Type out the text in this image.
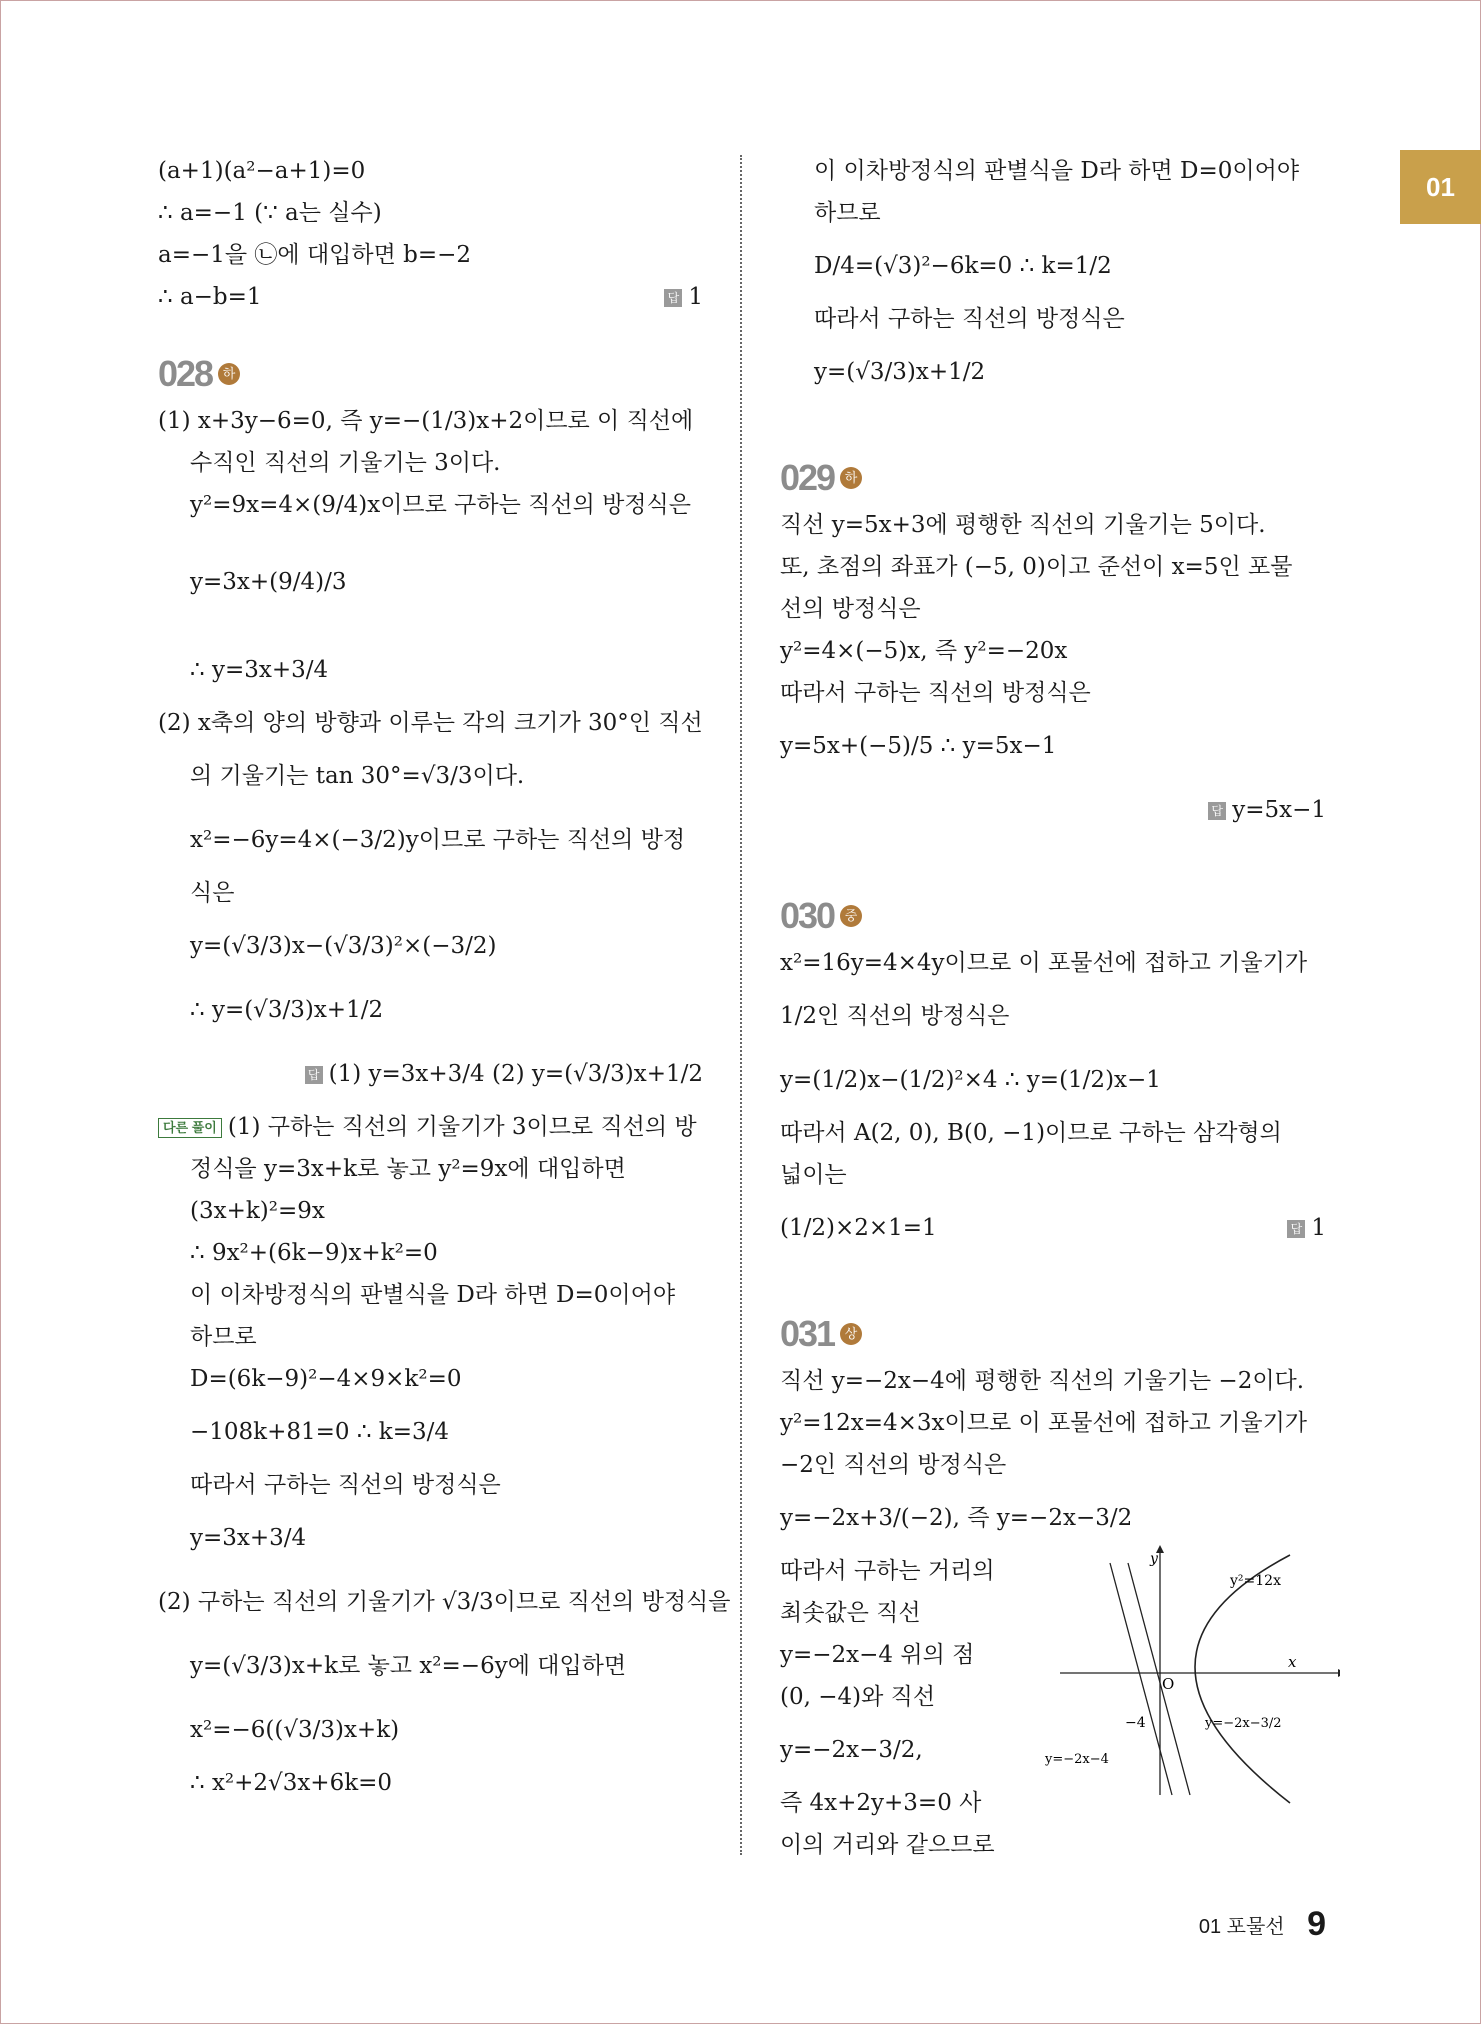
01
(a+1)(a²−a+1)=0
∴ a=−1 (∵ a는 실수)
a=−1을 ㉡에 대입하면 b=−2
∴ a−b=1	답 1
028 하
(1) x+3y−6=0, 즉 y=−(1/3)x+2이므로 이 직선에
수직인 직선의 기울기는 3이다.
y²=9x=4×(9/4)x이므로 구하는 직선의 방정식은
y=3x+(9/4)/3
∴ y=3x+3/4
(2) x축의 양의 방향과 이루는 각의 크기가 30°인 직선
의 기울기는 tan 30°=√3/3이다.
x²=−6y=4×(−3/2)y이므로 구하는 직선의 방정
식은
y=(√3/3)x−(√3/3)²×(−3/2)
∴ y=(√3/3)x+1/2
답 (1) y=3x+3/4 (2) y=(√3/3)x+1/2
다른 풀이 (1) 구하는 직선의 기울기가 3이므로 직선의 방
정식을 y=3x+k로 놓고 y²=9x에 대입하면
(3x+k)²=9x
∴ 9x²+(6k−9)x+k²=0
이 이차방정식의 판별식을 D라 하면 D=0이어야
하므로
D=(6k−9)²−4×9×k²=0
−108k+81=0 ∴ k=3/4
따라서 구하는 직선의 방정식은
y=3x+3/4
(2) 구하는 직선의 기울기가 √3/3이므로 직선의 방정식을
y=(√3/3)x+k로 놓고 x²=−6y에 대입하면
x²=−6((√3/3)x+k)
∴ x²+2√3x+6k=0
이 이차방정식의 판별식을 D라 하면 D=0이어야
하므로
D/4=(√3)²−6k=0 ∴ k=1/2
따라서 구하는 직선의 방정식은
y=(√3/3)x+1/2
029 하
직선 y=5x+3에 평행한 직선의 기울기는 5이다.
또, 초점의 좌표가 (−5, 0)이고 준선이 x=5인 포물
선의 방정식은
y²=4×(−5)x, 즉 y²=−20x
따라서 구하는 직선의 방정식은
y=5x+(−5)/5 ∴ y=5x−1
답 y=5x−1
030 중
x²=16y=4×4y이므로 이 포물선에 접하고 기울기가
1/2인 직선의 방정식은
y=(1/2)x−(1/2)²×4 ∴ y=(1/2)x−1
따라서 A(2, 0), B(0, −1)이므로 구하는 삼각형의
넓이는
(1/2)×2×1=1	답 1
031 상
직선 y=−2x−4에 평행한 직선의 기울기는 −2이다.
y²=12x=4×3x이므로 이 포물선에 접하고 기울기가
−2인 직선의 방정식은
y=−2x+3/(−2), 즉 y=−2x−3/2
따라서 구하는 거리의
최솟값은 직선
y=−2x−4 위의 점
(0, −4)와 직선
y=−2x−3/2,
즉 4x+2y+3=0 사
이의 거리와 같으므로
y
x
O
y²=12x
−4	y=−2x−3/2
y=−2x−4
01 포물선 9
